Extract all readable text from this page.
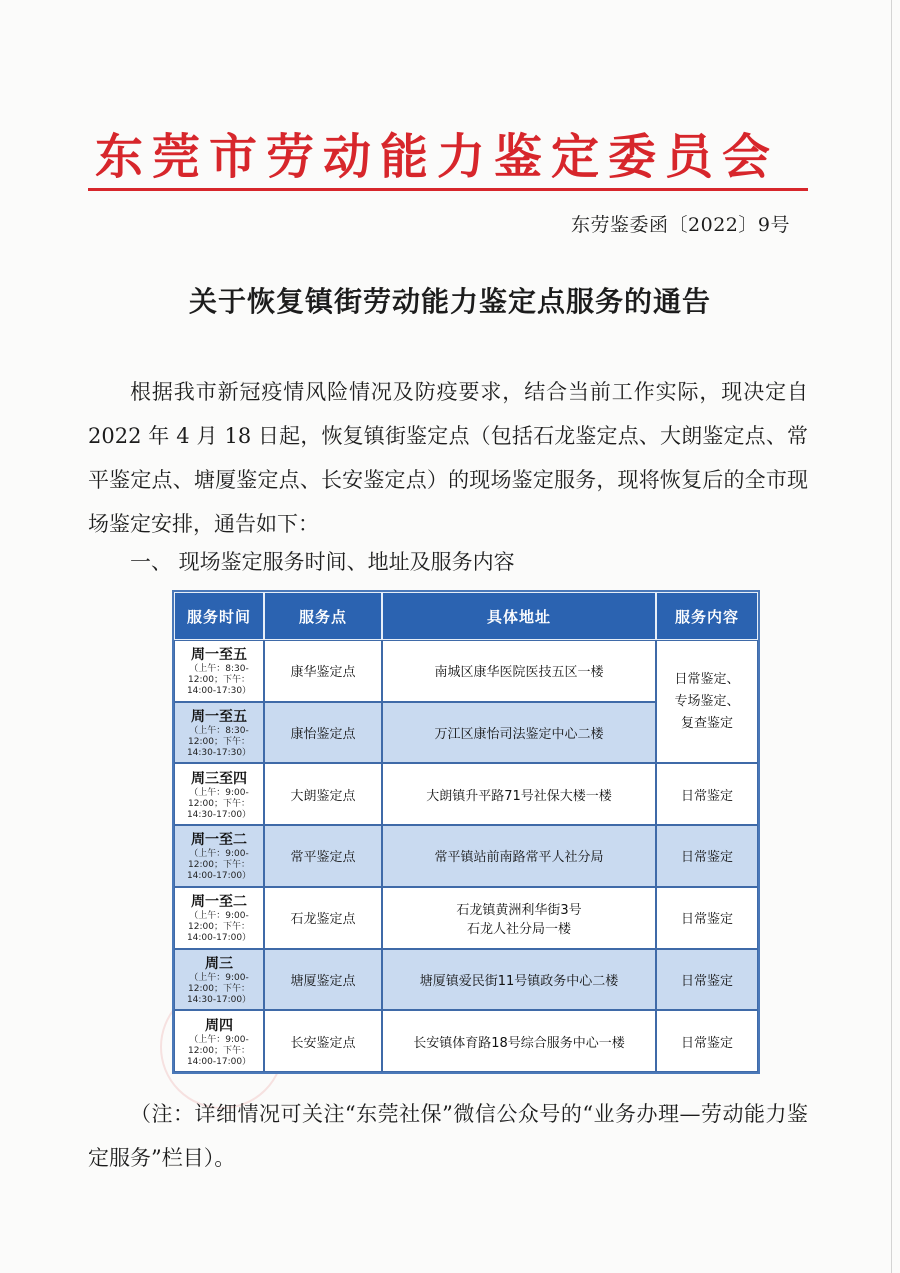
东莞市劳动能力鉴定委员会
东劳鉴委函〔2022〕9号
关于恢复镇街劳动能力鉴定点服务的通告

根据我市新冠疫情风险情况及防疫要求，结合当前工作实际，现决定自 2022 年 4 月 18 日起，恢复镇街鉴定点（包括石龙鉴定点、大朗鉴定点、常平鉴定点、塘厦鉴定点、长安鉴定点）的现场鉴定服务，现将恢复后的全市现场鉴定安排，通告如下：

一、 现场鉴定服务时间、地址及服务内容
服务时间	服务点	具体地址	服务内容

周一至五
（上午：8:30-12:00；下午：14:00-17:30）	康华鉴定点	南城区康华医院医技五区一楼	日常鉴定、
专场鉴定、
复查鉴定

周一至五
（上午：8:30-12:00；下午：14:30-17:30）	康怡鉴定点	万江区康怡司法鉴定中心二楼	

周三至四
（上午：9:00-12:00；下午：14:30-17:00）	大朗鉴定点	大朗镇升平路71号社保大楼一楼	日常鉴定

周一至二
（上午：9:00-12:00；下午：14:00-17:00）	常平鉴定点	常平镇站前南路常平人社分局	日常鉴定

周一至二
（上午：9:00-12:00；下午：14:00-17:00）	石龙鉴定点	石龙镇黄洲利华街3号
石龙人社分局一楼	日常鉴定

周三
（上午：9:00-12:00；下午：14:30-17:00）	塘厦鉴定点	塘厦镇爱民街11号镇政务中心二楼	日常鉴定

周四
（上午：9:00-12:00；下午：14:00-17:00）	长安鉴定点	长安镇体育路18号综合服务中心一楼	日常鉴定

（注：详细情况可关注“东莞社保”微信公众号的“业务办理—劳动能力鉴定服务”栏目）。
